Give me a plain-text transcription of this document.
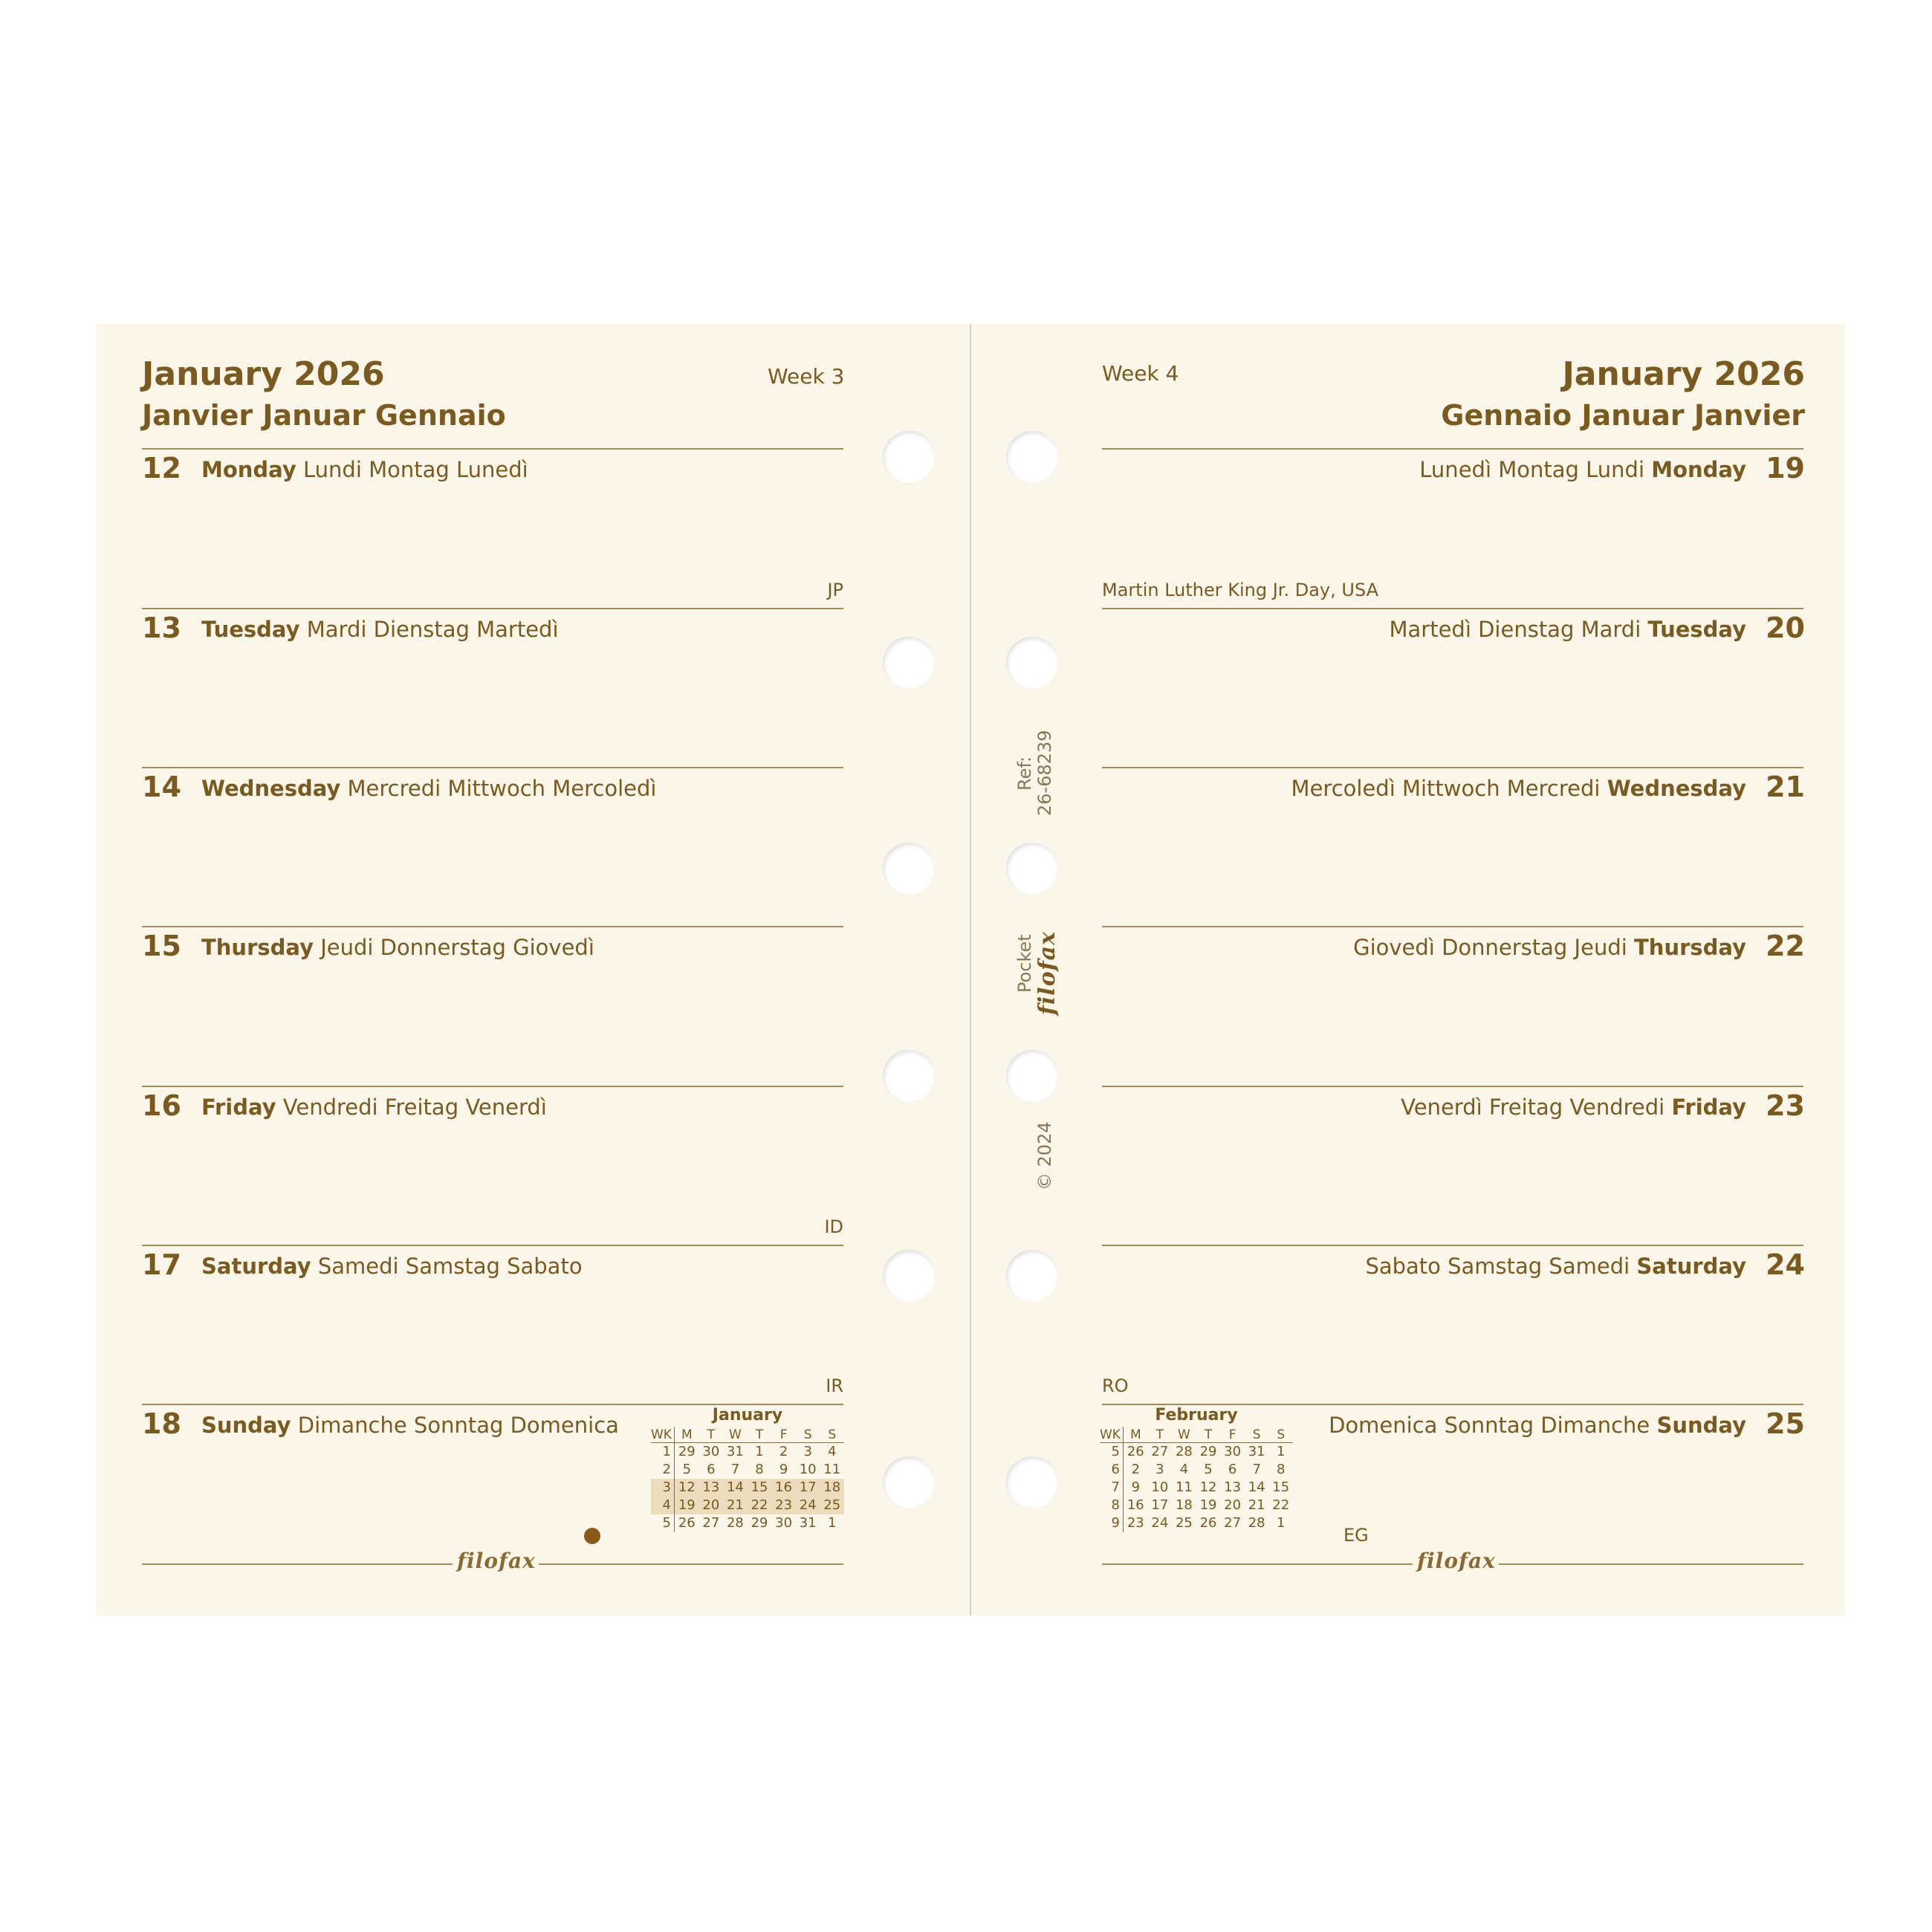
January 2026
Janvier Januar Gennaio
Week 3	Week 4	January 2026
Gennaio Januar Janvier
12 Monday Lundi Montag Lunedì
JP
13 Tuesday Mardi Dienstag Martedì
14 Wednesday Mercredi Mittwoch Mercoledì
15 Thursday Jeudi Donnerstag Giovedì
16 Friday Vendredi Freitag Venerdì
ID
17 Saturday Samedi Samstag Sabato
IR
18 Sunday Dimanche Sonntag Domenica
19
Lunedì Montag Lundi Monday
Martin Luther King Jr. Day, USA
20
Martedì Dienstag Mardi Tuesday
21
Mercoledì Mittwoch Mercredi Wednesday
22
Giovedì Donnerstag Jeudi Thursday
23
Venerdì Freitag Vendredi Friday
24
Sabato Samstag Samedi Saturday
RO
25
Domenica Sonntag Dimanche Sunday
EG
Ref: 26-68239
Pocket filofax
© 2024
January
WK M	T	W	T	F	S	S
1 29 30 31 1	2	3	4
2 5	6	7	8	9 10 11
3 12 13 14 15 16 17 18
4 19 20 21 22 23 24 25
5 26 27 28 29 30 31 1
February
WK M	T	W	T	F	S	S
5 26 27 28 29 30 31 1
6 2	3	4	5	6	7	8
7 9 10 11 12 13 14 15
8 16 17 18 19 20 21 22
9 23 24 25 26 27 28 1
filofax	filofax
